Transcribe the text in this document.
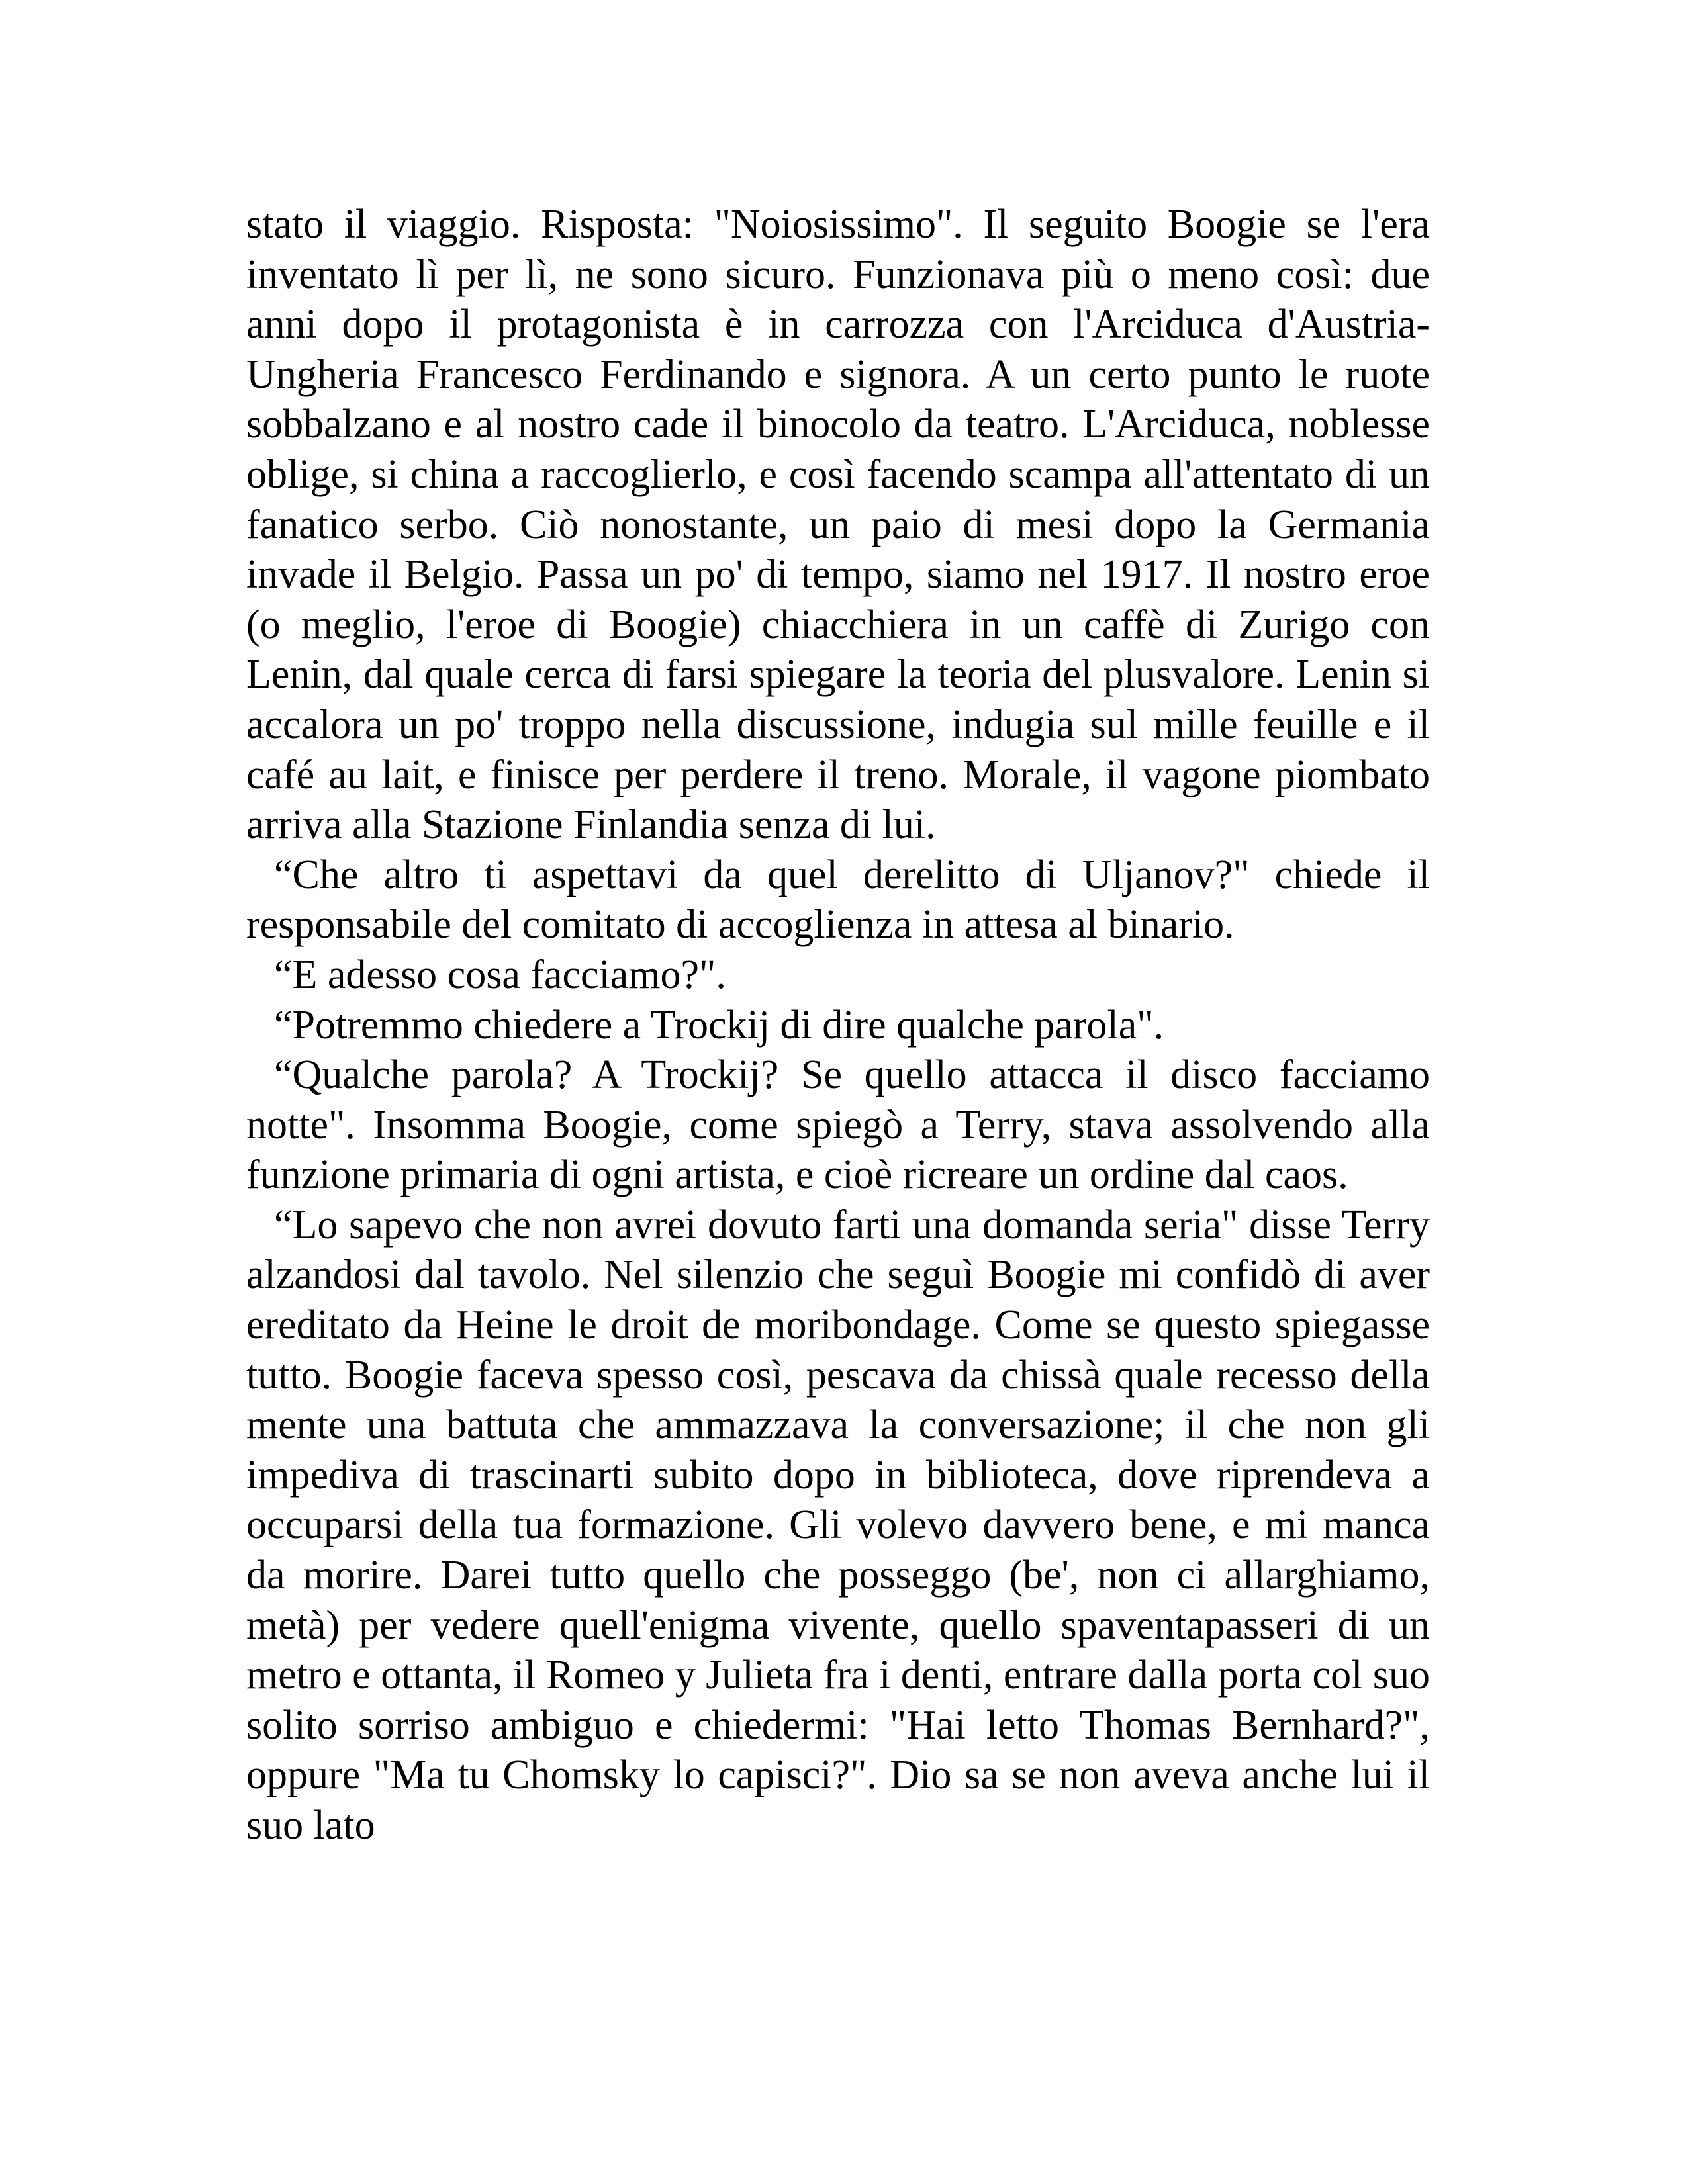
stato il viaggio. Risposta: "Noiosissimo". Il seguito Boogie se l'era inventato lì per lì, ne sono sicuro. Funzionava più o meno così: due anni dopo il protagonista è in carrozza con l'Arciduca d'Austria-Ungheria Francesco Ferdinando e signora. A un certo punto le ruote sobbalzano e al nostro cade il binocolo da teatro. L'Arciduca, noblesse oblige, si china a raccoglierlo, e così facendo scampa all'attentato di un fanatico serbo. Ciò nonostante, un paio di mesi dopo la Germania invade il Belgio. Passa un po' di tempo, siamo nel 1917. Il nostro eroe (o meglio, l'eroe di Boogie) chiacchiera in un caffè di Zurigo con Lenin, dal quale cerca di farsi spiegare la teoria del plusvalore. Lenin si accalora un po' troppo nella discussione, indugia sul mille feuille e il café au lait, e finisce per perdere il treno. Morale, il vagone piombato arriva alla Stazione Finlandia senza di lui.

“Che altro ti aspettavi da quel derelitto di Uljanov?" chiede il responsabile del comitato di accoglienza in attesa al binario.

“E adesso cosa facciamo?".

“Potremmo chiedere a Trockij di dire qualche parola".

“Qualche parola? A Trockij? Se quello attacca il disco facciamo notte". Insomma Boogie, come spiegò a Terry, stava assolvendo alla funzione primaria di ogni artista, e cioè ricreare un ordine dal caos.

“Lo sapevo che non avrei dovuto farti una domanda seria" disse Terry alzandosi dal tavolo. Nel silenzio che seguì Boogie mi confidò di aver ereditato da Heine le droit de moribondage. Come se questo spiegasse tutto. Boogie faceva spesso così, pescava da chissà quale recesso della mente una battuta che ammazzava la conversazione; il che non gli impediva di trascinarti subito dopo in biblioteca, dove riprendeva a occuparsi della tua formazione. Gli volevo davvero bene, e mi manca da morire. Darei tutto quello che posseggo (be', non ci allarghiamo, metà) per vedere quell'enigma vivente, quello spaventapasseri di un metro e ottanta, il Romeo y Julieta fra i denti, entrare dalla porta col suo solito sorriso ambiguo e chiedermi: "Hai letto Thomas Bernhard?", oppure "Ma tu Chomsky lo capisci?". Dio sa se non aveva anche lui il suo lato
